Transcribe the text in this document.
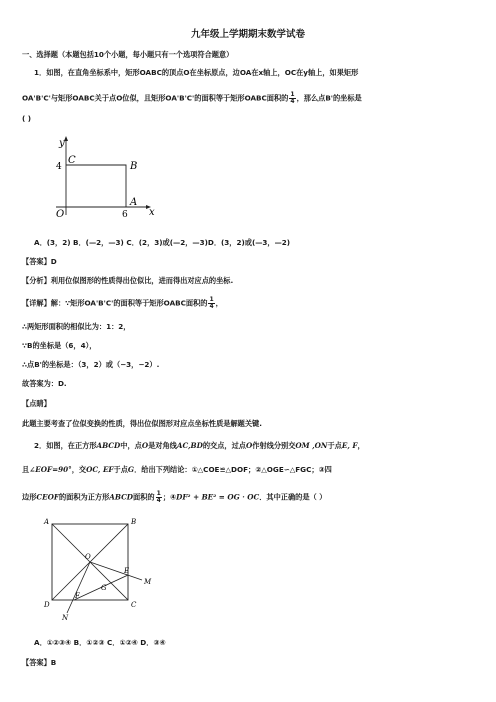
九年级上学期期末数学试卷
一、选择题（本题包括10个小题，每小题只有一个选项符合题意）
1．如图，在直角坐标系中，矩形OABC的顶点O在坐标原点，边OA在x轴上，OC在y轴上，如果矩形
OA'B'C'与矩形OABC关于点O位似，且矩形OA'B'C'的面积等于矩形OABC面积的 $\frac{1}{4}$ ，那么点B'的坐标是
( )
y
x
4
C
B
A
6
O
A．(3，2) B．(—2，—3) C．(2，3)或(—2，—3)D．(3，2)或(—3，—2)
【答案】D
【分析】利用位似图形的性质得出位似比，进而得出对应点的坐标.
【详解】解：∵矩形OA'B'C'的面积等于矩形OABC面积的 $\frac{1}{4}$ ，
∴两矩形面积的相似比为：1：2，
∵B的坐标是（6，4），
∴点B'的坐标是：（3，2）或（−3，−2）.
故答案为：D.
【点睛】
此题主要考查了位似变换的性质，得出位似图形对应点坐标性质是解题关键.
2．如图，在正方形ABCD中，点O是对角线AC,BD的交点，过点O作射线分别交OM ,ON于点E, F，
且∠EOF=90°，交OC, EF于点G．给出下列结论：①△COE≌△DOF；②△OGE∽△FGC；③四
边形CEOF的面积为正方形ABCD面积的 $\frac{1}{4}$ ；④DF² + BE² = OG · OC．其中正确的是（ ）
A	B
C
D
O
E
F
G
M
N
A．①②③④ B．①②③ C．①②④ D．③④
【答案】B
